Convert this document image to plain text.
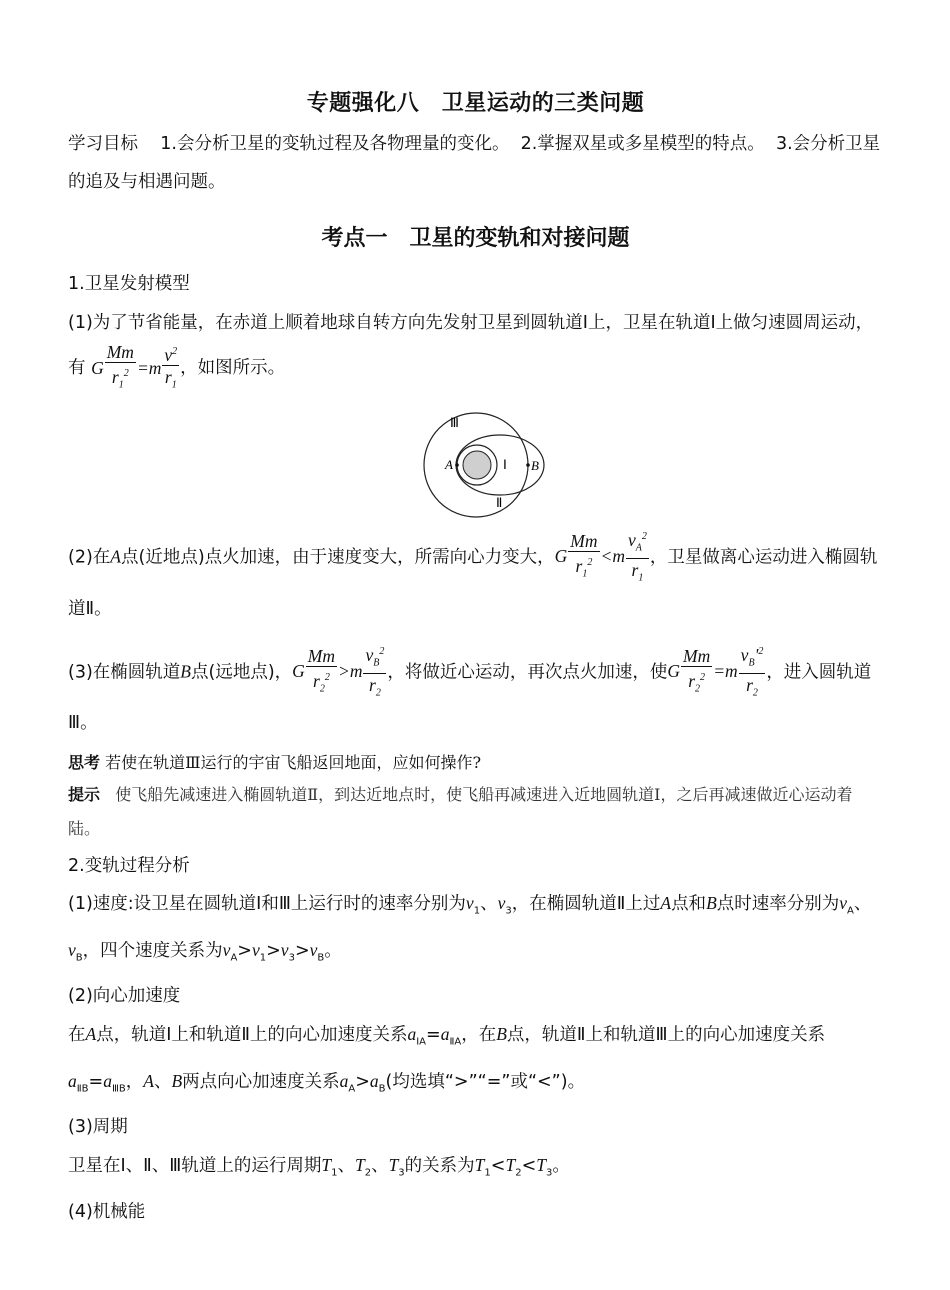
专题强化八　卫星运动的三类问题

学习目标 1.会分析卫星的变轨过程及各物理量的变化。 2.掌握双星或多星模型的特点。 3.会分析卫星的追及与相遇问题。

考点一　卫星的变轨和对接问题

1.卫星发射模型

(1)为了节省能量，在赤道上顺着地球自转方向先发射卫星到圆轨道Ⅰ上，卫星在轨道Ⅰ上做匀速圆周运动，有 G $\frac{Mm}{r_1^2} =m \frac{v^2}{r_1}$ ，如图所示。

Ⅲ
A	Ⅰ B
Ⅱ

(2)在A点(近地点)点火加速，由于速度变大，所需向心力变大，G $\frac{Mm}{r_1^2} <m \frac{v_A^2}{r_1}$ ，卫星做离心运动进入椭圆轨道Ⅱ。

(3)在椭圆轨道B点(远地点)，G $\frac{Mm}{r_2^2} >m \frac{v_B^2}{r_2}$ ，将做近心运动，再次点火加速，使G $\frac{Mm}{r_2^2} =m \frac{v_B'^2}{r_2}$ ，进入圆轨道Ⅲ。

思考 若使在轨道Ⅲ运行的宇宙飞船返回地面，应如何操作?

提示 使飞船先减速进入椭圆轨道Ⅱ，到达近地点时，使飞船再减速进入近地圆轨道Ⅰ，之后再减速做近心运动着陆。

2.变轨过程分析

(1)速度:设卫星在圆轨道Ⅰ和Ⅲ上运行时的速率分别为$v_1$、$v_3$，在椭圆轨道Ⅱ上过A点和B点时速率分别为$v_A$、$v_B$，四个速度关系为$v_A>v_1>v_3>v_B$。

(2)向心加速度

在A点，轨道Ⅰ上和轨道Ⅱ上的向心加速度关系$a_{ⅠA}=a_{ⅡA}$，在B点，轨道Ⅱ上和轨道Ⅲ上的向心加速度关系$a_{ⅡB}=a_{ⅢB}$，A、B两点向心加速度关系$a_A>a_B$(均选填“>”“=”或“<”)。

(3)周期

卫星在Ⅰ、Ⅱ、Ⅲ轨道上的运行周期$T_1$、$T_2$、$T_3$的关系为$T_1<T_2<T_3$。

(4)机械能
